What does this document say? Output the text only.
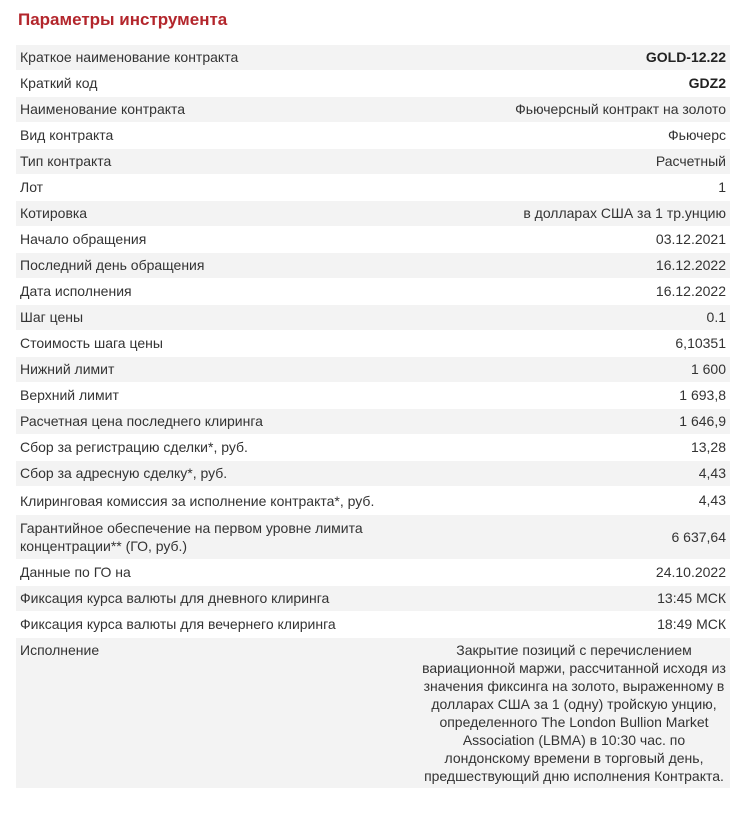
Параметры инструмента
Краткое наименование контракта	GOLD-12.22
Краткий код	GDZ2
Наименование контракта	Фьючерсный контракт на золото
Вид контракта	Фьючерс
Тип контракта	Расчетный
Лот	1
Котировка	в долларах США за 1 тр.унцию
Начало обращения	03.12.2021
Последний день обращения	16.12.2022
Дата исполнения	16.12.2022
Шаг цены	0.1
Стоимость шага цены	6,10351
Нижний лимит	1 600
Верхний лимит	1 693,8
Расчетная цена последнего клиринга	1 646,9
Сбор за регистрацию сделки*, руб.	13,28
Сбор за адресную сделку*, руб.	4,43
Клиринговая комиссия за исполнение контракта*, руб.	4,43
Гарантийное обеспечение на первом уровне лимита концентрации** (ГО, руб.)	6 637,64
Данные по ГО на	24.10.2022
Фиксация курса валюты для дневного клиринга	13:45 МСК
Фиксация курса валюты для вечернего клиринга	18:49 МСК
Исполнение	Закрытие позиций с перечислением вариационной маржи, рассчитанной исходя из значения фиксинга на золото, выраженному в долларах США за 1 (одну) тройскую унцию, определенного The London Bullion Market Association (LBMA) в 10:30 час. по лондонскому времени в торговый день, предшествующий дню исполнения Контракта.
